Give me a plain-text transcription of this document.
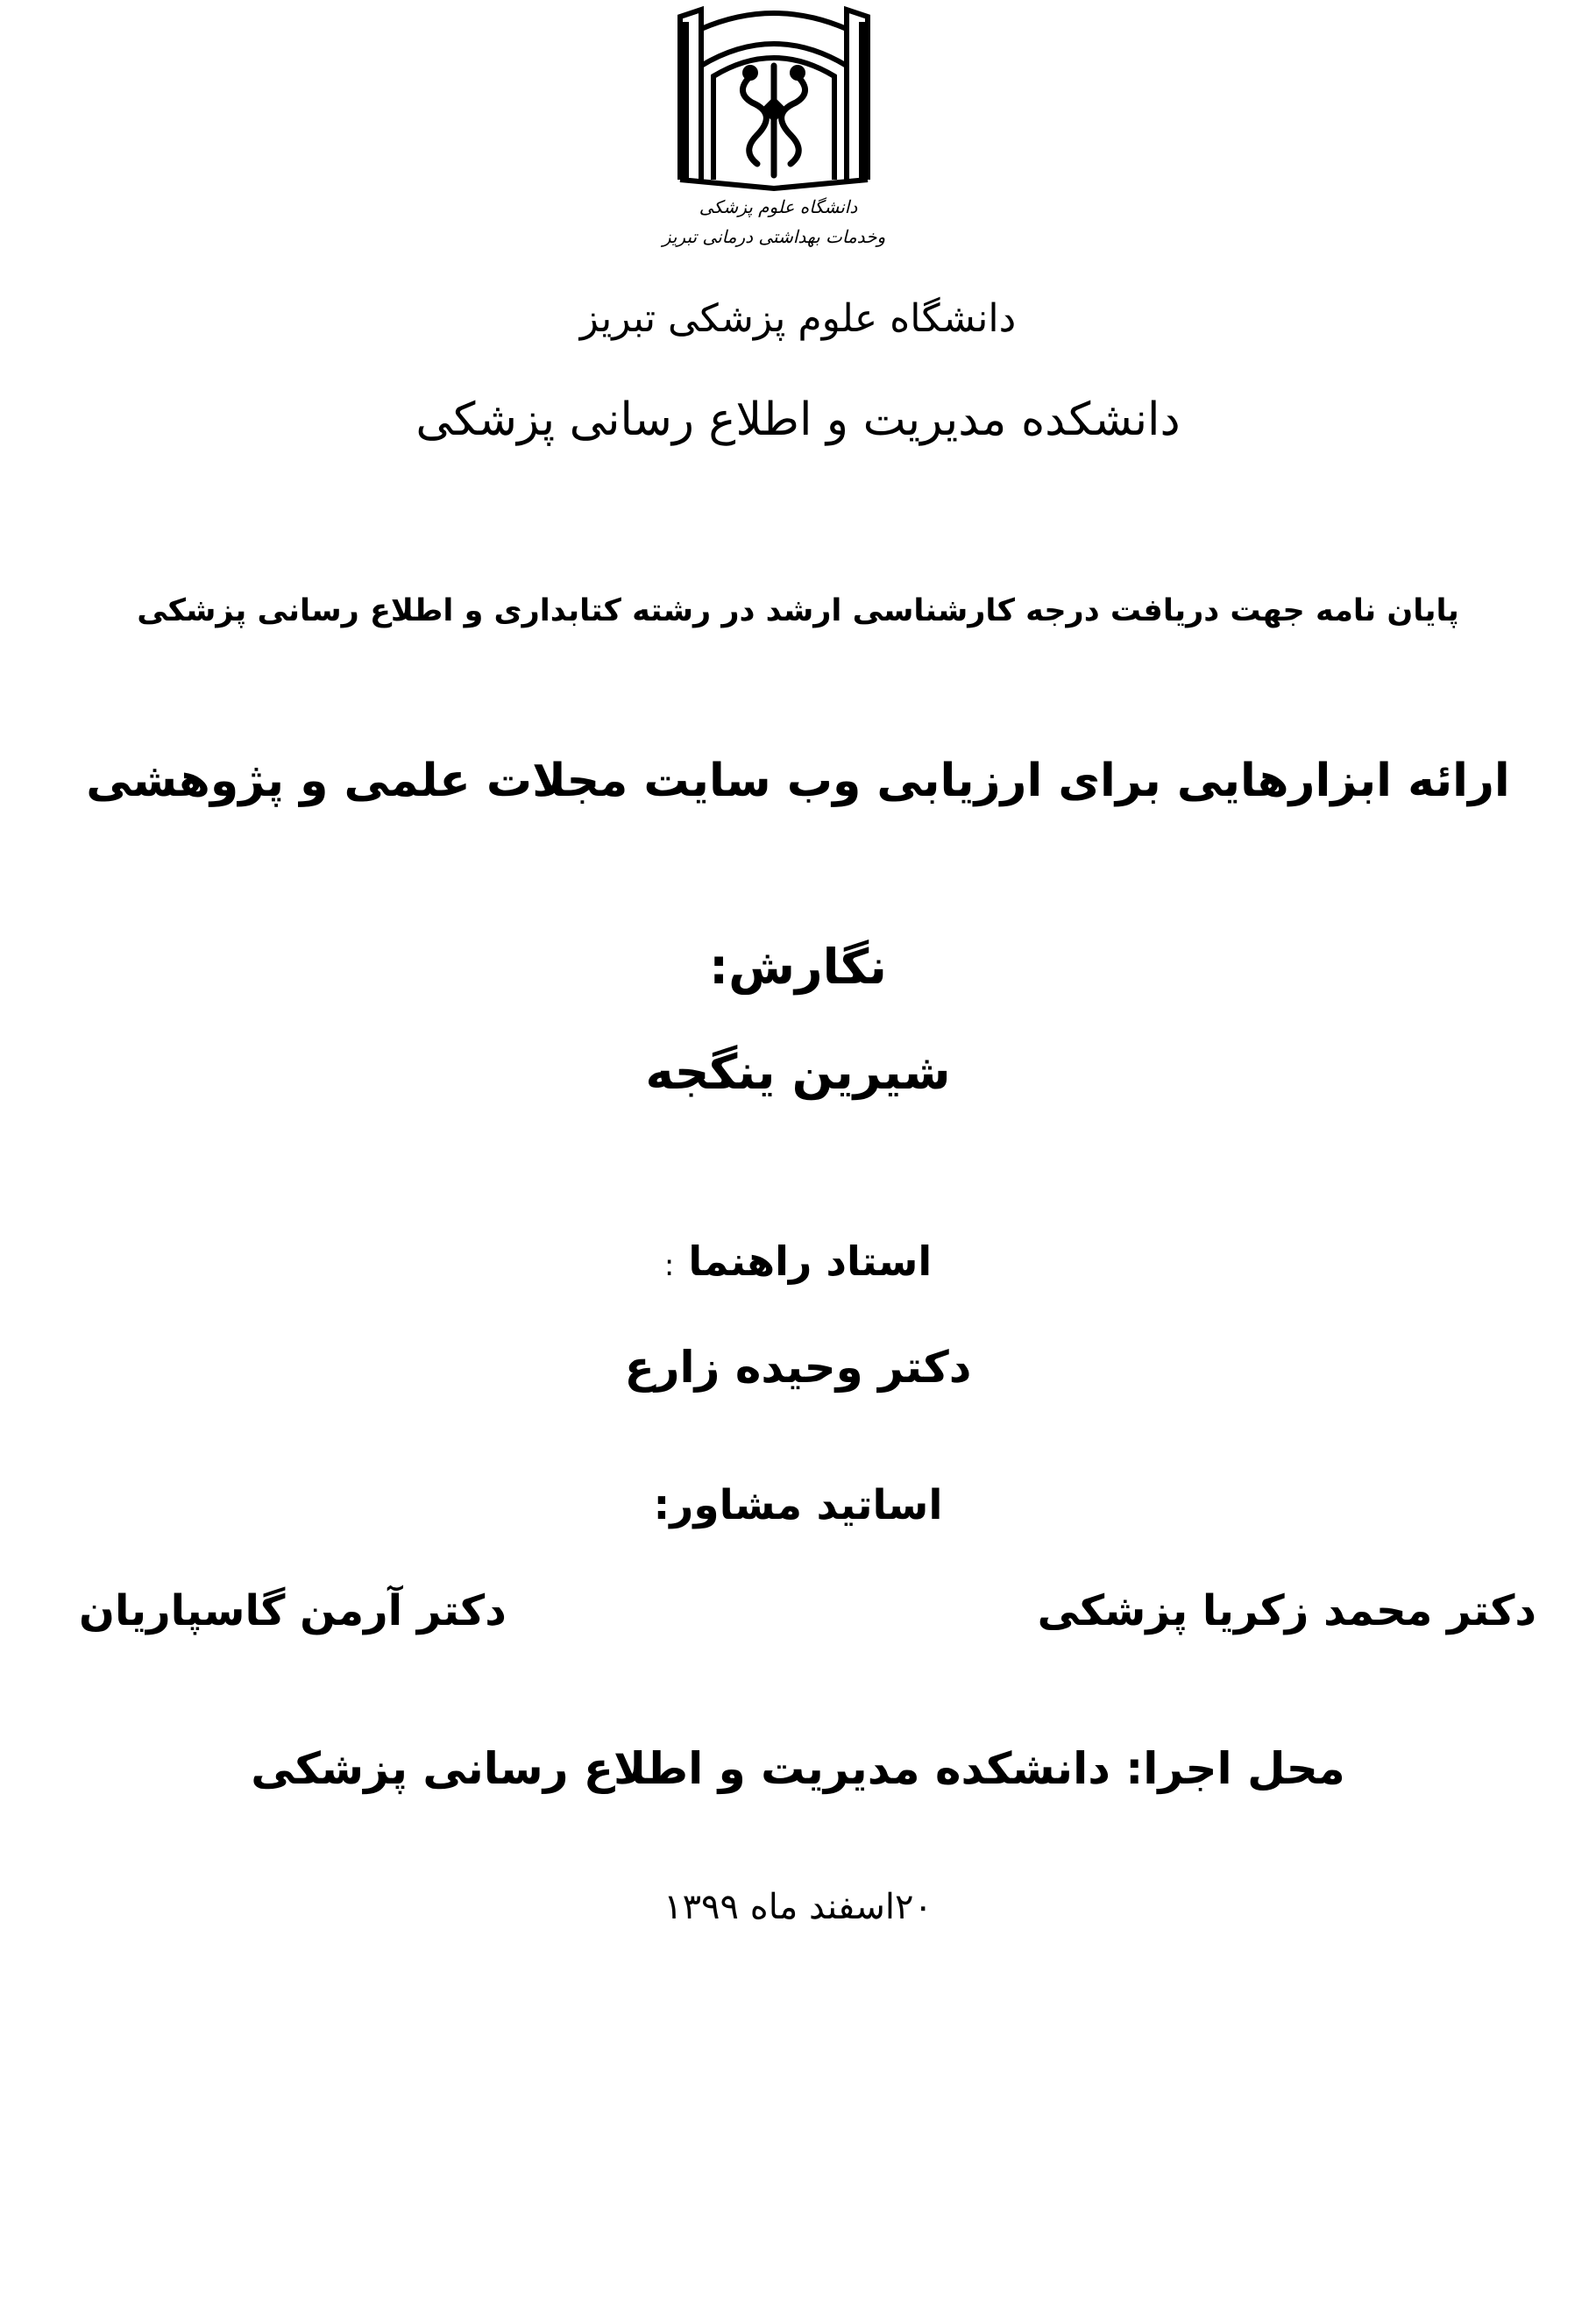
دانشگاه علوم پزشکی
وخدمات بهداشتی درمانی تبریز
دانشگاه علوم پزشکی تبریز
دانشکده مدیریت و اطلاع رسانی پزشکی
پایان نامه جهت دریافت درجه کارشناسی ارشد در رشته کتابداری و اطلاع رسانی پزشکی
ارائه ابزارهایی برای ارزیابی وب سایت مجلات علمی و پژوهشی
نگارش:
شیرین ینگجه
استاد راهنما :
دکتر وحیده زارع
اساتید مشاور:
دکتر محمد زکریا پزشکی
دکتر آرمن گاسپاریان
محل اجرا: دانشکده مدیریت و اطلاع رسانی پزشکی
۲۰اسفند ماه ۱۳۹۹
